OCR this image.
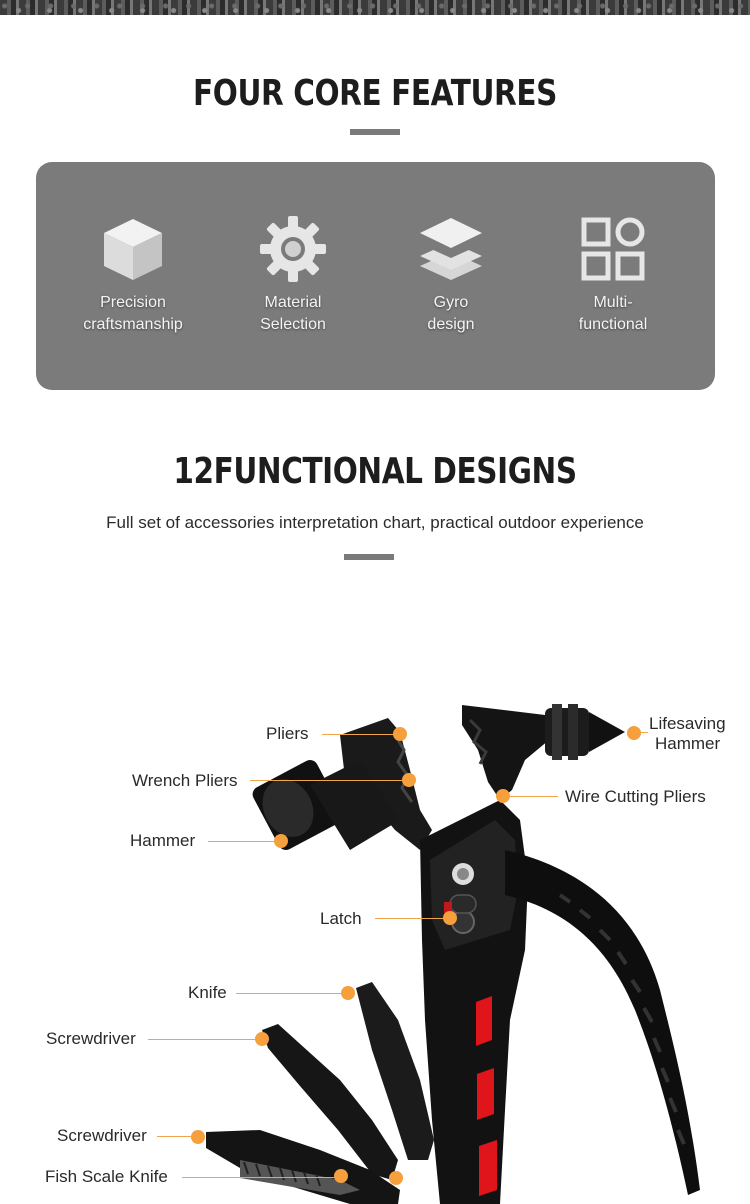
FOUR CORE FEATURES
Precision
craftsmanship
Material
Selection
Gyro
design
Multi-
functional
12FUNCTIONAL DESIGNS

Full set of accessories interpretation chart, practical outdoor experience

Pliers
Wrench Pliers
Hammer
Latch
Knife
Screwdriver
Screwdriver
Fish Scale Knife
Lifesaving
Hammer
Wire Cutting Pliers
